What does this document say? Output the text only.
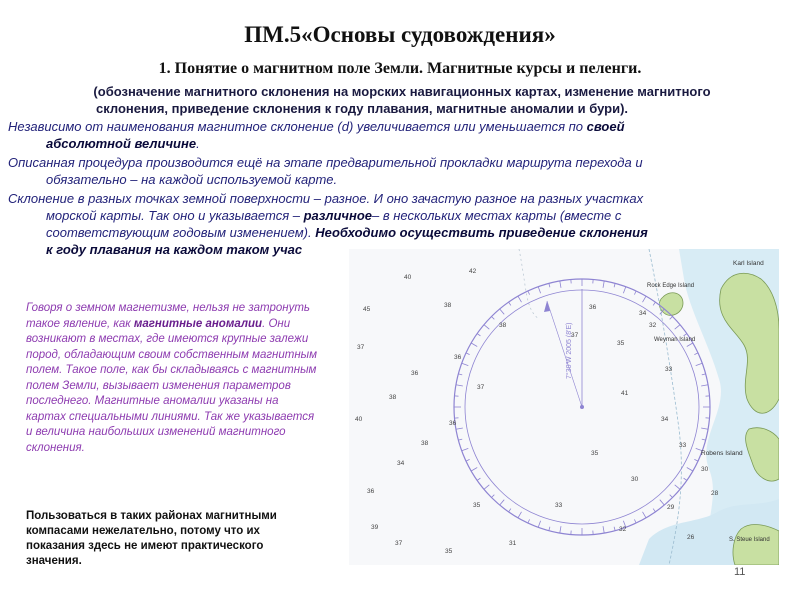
ПМ.5«Основы судовождения»
1. Понятие о магнитном поле Земли. Магнитные курсы и пеленги.
(обозначение магнитного склонения на морских навигационных картах, изменение магнитного
склонения, приведение склонения к году плавания, магнитные аномалии и бури).
Независимо от наименования магнитное склонение (d) увеличивается или уменьшается по своей
абсолютной величине.
Описанная процедура производится ещё на этапе предварительной прокладки маршрута перехода и
обязательно – на каждой используемой карте.
Склонение в разных точках земной поверхности – разное. И оно зачастую разное на разных участках
морской карты. Так оно и указывается – различное– в нескольких местах карты (вместе с
соответствующим годовым изменением). Необходимо осуществить приведение склонения
к году плавания на каждом таком учас
7°30'W 2005 (8'E)
Karl Island
Weyman Island
Robens Island
S. Steue Island
Rock Edge Island
40
42
45
38	36
38
37
36
37
35
34
33
32
36
37
38
40
41
36
38
35
34
33
30
28
34
36
30
35	33	29
39	32
37
26
31
35
Говоря о земном магнетизме, нельзя не затронуть такое явление, как магнитные аномалии. Они возникают в местах, где имеются крупные залежи пород, обладающим своим собственным магнитным полем. Такое поле, как бы складываясь с магнитным полем Земли, вызывает изменения параметров последнего. Магнитные аномалии указаны на картах специальными линиями. Так же указывается и величина наибольших изменений магнитного склонения.
Пользоваться в таких районах магнитными компасами нежелательно, потому что их показания здесь не имеют практического значения.
11
